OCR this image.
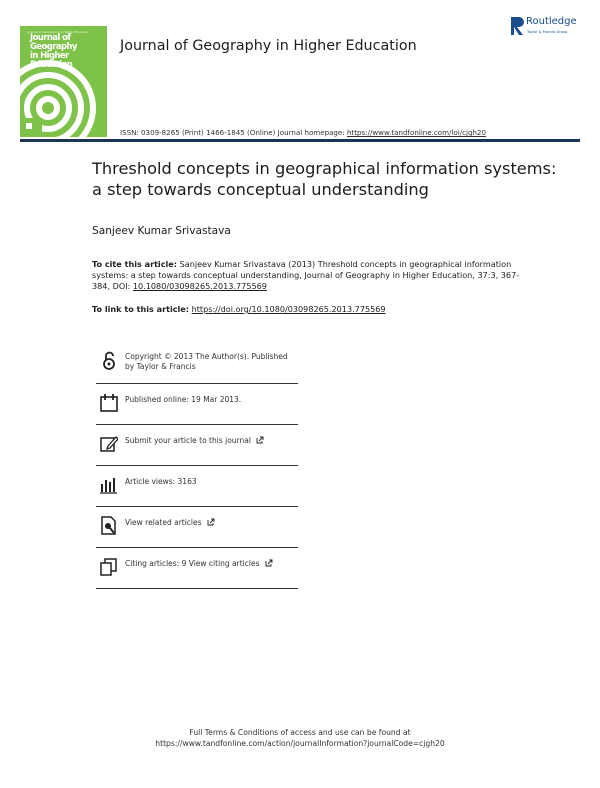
Journal of Geography in Higher Education
Journal of Geography
in Higher Education
Journal of Geography in Higher Education
Routledge
Taylor & Francis Group
ISSN: 0309-8265 (Print) 1466-1845 (Online) Journal homepage: https://www.tandfonline.com/loi/cjgh20
Threshold concepts in geographical information systems: a step towards conceptual understanding
Sanjeev Kumar Srivastava
To cite this article: Sanjeev Kumar Srivastava (2013) Threshold concepts in geographical information systems: a step towards conceptual understanding, Journal of Geography in Higher Education, 37:3, 367-384, DOI: 10.1080/03098265.2013.775569
To link to this article: https://doi.org/10.1080/03098265.2013.775569
Copyright © 2013 The Author(s). Published by Taylor & Francis
Published online: 19 Mar 2013.
Submit your article to this journal
Article views: 3163
View related articles
Citing articles: 9 View citing articles
Full Terms & Conditions of access and use can be found at
https://www.tandfonline.com/action/journalInformation?journalCode=cjgh20
